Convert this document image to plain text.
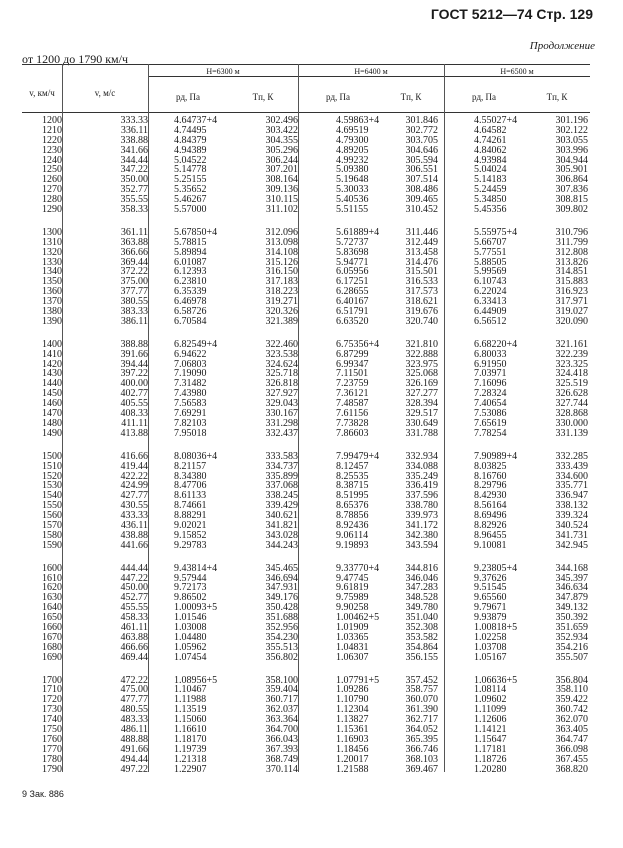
ГОСТ 5212—74 Стр. 129
Продолжение
от 1200 до 1790 км/ч
v, км/ч	v, м/с
H=6300 м	H=6400 м	H=6500 м
pд, Па	Tп, К	pд, Па	Tп, К	pд, Па	Tп, К
1200	333.33	4.64737+4	302.496	4.59863+4	301.846	4.55027+4	301.196
1210	336.11	4.74495	303.422	4.69519	302.772	4.64582	302.122
1220	338.88	4.84379	304.355	4.79300	303.705	4.74261	303.055
1230	341.66	4.94389	305.296	4.89205	304.646	4.84062	303.996
1240	344.44	5.04522	306.244	4.99232	305.594	4.93984	304.944
1250	347.22	5.14778	307.201	5.09380	306.551	5.04024	305.901
1260	350.00	5.25155	308.164	5.19648	307.514	5.14183	306.864
1270	352.77	5.35652	309.136	5.30033	308.486	5.24459	307.836
1280	355.55	5.46267	310.115	5.40536	309.465	5.34850	308.815
1290	358.33	5.57000	311.102	5.51155	310.452	5.45356	309.802
1300	361.11	5.67850+4	312.096	5.61889+4	311.446	5.55975+4	310.796
1310	363.88	5.78815	313.098	5.72737	312.449	5.66707	311.799
1320	366.66	5.89894	314.108	5.83698	313.458	5.77551	312.808
1330	369.44	6.01087	315.126	5.94771	314.476	5.88505	313.826
1340	372.22	6.12393	316.150	6.05956	315.501	5.99569	314.851
1350	375.00	6.23810	317.183	6.17251	316.533	6.10743	315.883
1360	377.77	6.35339	318.223	6.28655	317.573	6.22024	316.923
1370	380.55	6.46978	319.271	6.40167	318.621	6.33413	317.971
1380	383.33	6.58726	320.326	6.51791	319.676	6.44909	319.027
1390	386.11	6.70584	321.389	6.63520	320.740	6.56512	320.090
1400	388.88	6.82549+4	322.460	6.75356+4	321.810	6.68220+4	321.161
1410	391.66	6.94622	323.538	6.87299	322.888	6.80033	322.239
1420	394.44	7.06803	324.624	6.99347	323.975	6.91950	323.325
1430	397.22	7.19090	325.718	7.11501	325.068	7.03971	324.418
1440	400.00	7.31482	326.818	7.23759	326.169	7.16096	325.519
1450	402.77	7.43980	327.927	7.36121	327.277	7.28324	326.628
1460	405.55	7.56583	329.043	7.48587	328.394	7.40654	327.744
1470	408.33	7.69291	330.167	7.61156	329.517	7.53086	328.868
1480	411.11	7.82103	331.298	7.73828	330.649	7.65619	330.000
1490	413.88	7.95018	332.437	7.86603	331.788	7.78254	331.139
1500	416.66	8.08036+4	333.583	7.99479+4	332.934	7.90989+4	332.285
1510	419.44	8.21157	334.737	8.12457	334.088	8.03825	333.439
1520	422.22	8.34380	335.899	8.25535	335.249	8.16760	334.600
1530	424.99	8.47706	337.068	8.38715	336.419	8.29796	335.771
1540	427.77	8.61133	338.245	8.51995	337.596	8.42930	336.947
1550	430.55	8.74661	339.429	8.65376	338.780	8.56164	338.132
1560	433.33	8.88291	340.621	8.78856	339.973	8.69496	339.324
1570	436.11	9.02021	341.821	8.92436	341.172	8.82926	340.524
1580	438.88	9.15852	343.028	9.06114	342.380	8.96455	341.731
1590	441.66	9.29783	344.243	9.19893	343.594	9.10081	342.945
1600	444.44	9.43814+4	345.465	9.33770+4	344.816	9.23805+4	344.168
1610	447.22	9.57944	346.694	9.47745	346.046	9.37626	345.397
1620	450.00	9.72173	347.931	9.61819	347.283	9.51545	346.634
1630	452.77	9.86502	349.176	9.75989	348.528	9.65560	347.879
1640	455.55	1.00093+5	350.428	9.90258	349.780	9.79671	349.132
1650	458.33	1.01546	351.688	1.00462+5	351.040	9.93879	350.392
1660	461.11	1.03008	352.956	1.01909	352.308	1.00818+5	351.659
1670	463.88	1.04480	354.230	1.03365	353.582	1.02258	352.934
1680	466.66	1.05962	355.513	1.04831	354.864	1.03708	354.216
1690	469.44	1.07454	356.802	1.06307	356.155	1.05167	355.507
1700	472.22	1.08956+5	358.100	1.07791+5	357.452	1.06636+5	356.804
1710	475.00	1.10467	359.404	1.09286	358.757	1.08114	358.110
1720	477.77	1.11988	360.717	1.10790	360.070	1.09602	359.422
1730	480.55	1.13519	362.037	1.12304	361.390	1.11099	360.742
1740	483.33	1.15060	363.364	1.13827	362.717	1.12606	362.070
1750	486.11	1.16610	364.700	1.15361	364.052	1.14121	363.405
1760	488.88	1.18170	366.043	1.16903	365.395	1.15647	364.747
1770	491.66	1.19739	367.393	1.18456	366.746	1.17181	366.098
1780	494.44	1.21318	368.749	1.20017	368.103	1.18726	367.455
1790	497.22	1.22907	370.114	1.21588	369.467	1.20280	368.820
9 Зак. 886
